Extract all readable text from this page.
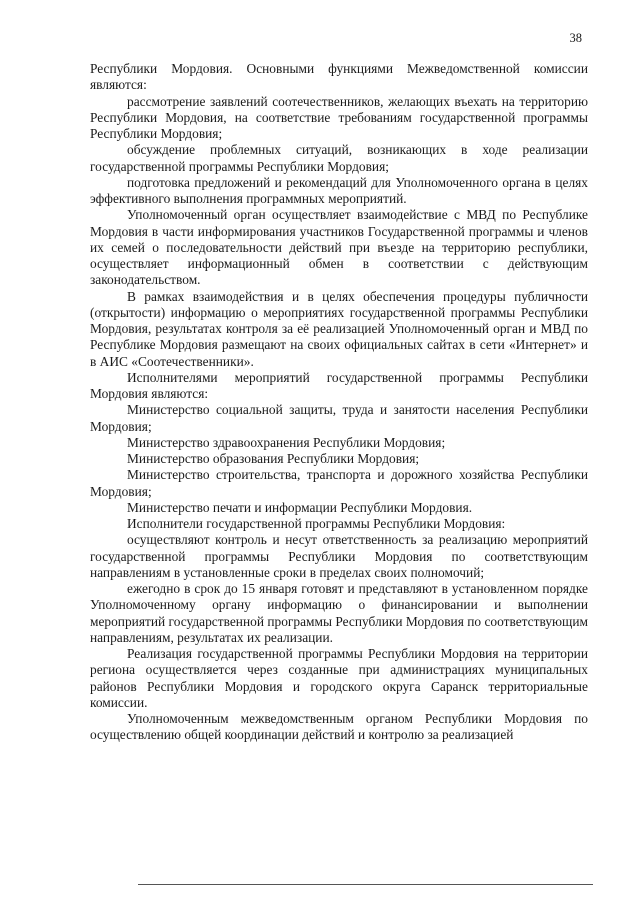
38

Республики Мордовия. Основными функциями Межведомственной комиссии являются:

рассмотрение заявлений соотечественников, желающих въехать на территорию Республики Мордовия, на соответствие требованиям государственной программы Республики Мордовия;

обсуждение проблемных ситуаций, возникающих в ходе реализации государственной программы Республики Мордовия;

подготовка предложений и рекомендаций для Уполномоченного органа в целях эффективного выполнения программных мероприятий.

Уполномоченный орган осуществляет взаимодействие с МВД по Республике Мордовия в части информирования участников Государственной программы и членов их семей о последовательности действий при въезде на территорию республики, осуществляет информационный обмен в соответствии с действующим законодательством.

В рамках взаимодействия и в целях обеспечения процедуры публичности (открытости) информацию о мероприятиях государственной программы Республики Мордовия, результатах контроля за её реализацией Уполномоченный орган и МВД по Республике Мордовия размещают на своих официальных сайтах в сети «Интернет» и в АИС «Соотечественники».

Исполнителями мероприятий государственной программы Республики Мордовия являются:

Министерство социальной защиты, труда и занятости населения Республики Мордовия;

Министерство здравоохранения Республики Мордовия;

Министерство образования Республики Мордовия;

Министерство строительства, транспорта и дорожного хозяйства Республики Мордовия;

Министерство печати и информации Республики Мордовия.

Исполнители государственной программы Республики Мордовия:

осуществляют контроль и несут ответственность за реализацию мероприятий государственной программы Республики Мордовия по соответствующим направлениям в установленные сроки в пределах своих полномочий;

ежегодно в срок до 15 января готовят и представляют в установленном порядке Уполномоченному органу информацию о финансировании и выполнении мероприятий государственной программы Республики Мордовия по соответствующим направлениям, результатах их реализации.

Реализация государственной программы Республики Мордовия на территории региона осуществляется через созданные при администрациях муниципальных районов Республики Мордовия и городского округа Саранск территориальные комиссии.

Уполномоченным межведомственным органом Республики Мордовия по осуществлению общей координации действий и контролю за реализацией
